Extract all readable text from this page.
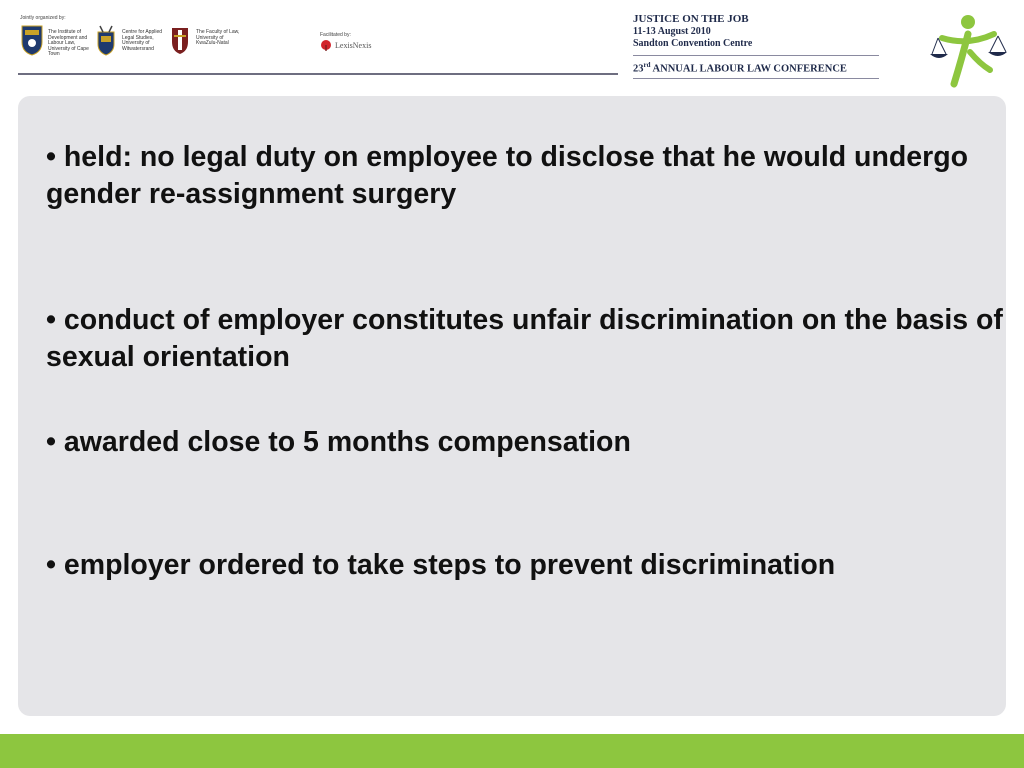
Jointly organized by:
The Institute of Development and Labour Law, University of Cape Town
Centre for Applied Legal Studies, University of Witwatersrand
The Faculty of Law, University of KwaZulu-Natal
Facilitated by:
LexisNexis
JUSTICE ON THE JOB
11-13 August 2010
Sandton Convention Centre
23rd ANNUAL LABOUR LAW CONFERENCE
• held: no legal duty on employee to disclose that he would undergo gender re-assignment surgery
• conduct of employer constitutes unfair discrimination on the basis of sexual orientation
• awarded close to 5 months compensation
• employer ordered to take steps to prevent discrimination
